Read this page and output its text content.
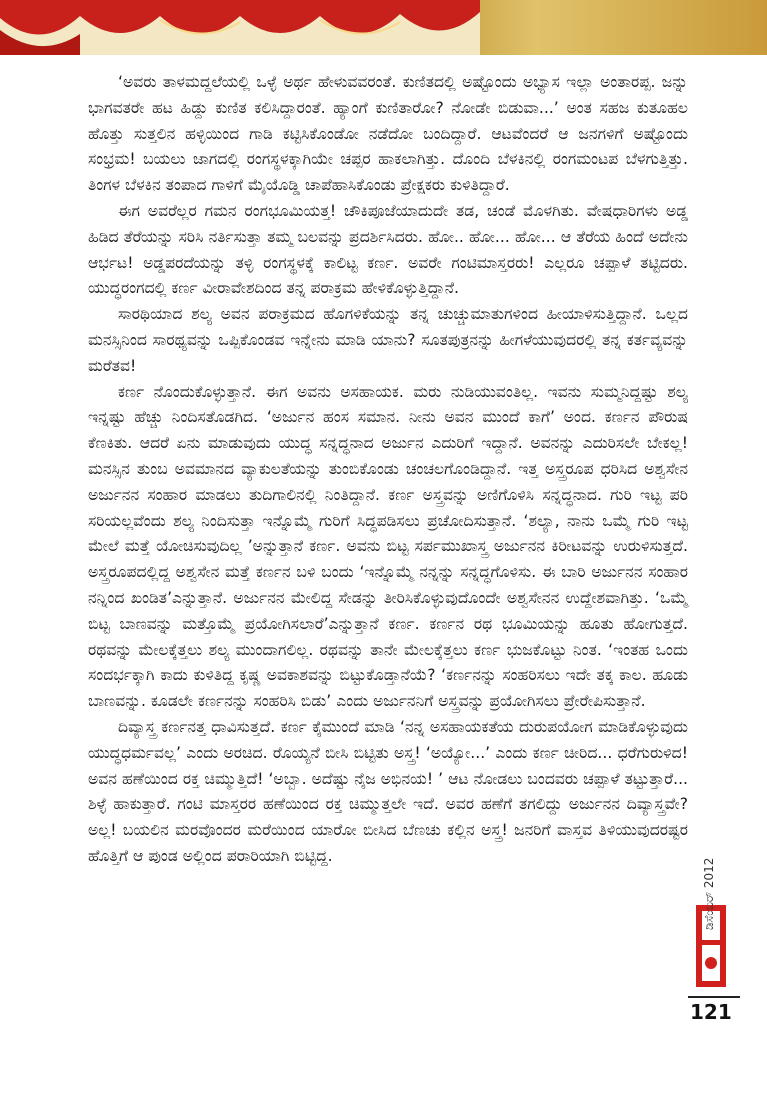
‘ಅವರು ತಾಳಮದ್ದಲೆಯಲ್ಲಿ ಒಳ್ಳೆ ಅರ್ಥ ಹೇಳುವವರಂತೆ. ಕುಣಿತದಲ್ಲಿ ಅಷ್ಟೊಂದು ಅಭ್ಯಾಸ ಇಲ್ಲಾ ಅಂತಾರಪ್ಪ. ಜನ್ನು ಭಾಗವತರೇ ಹಟ ಹಿಡ್ದು ಕುಣಿತ ಕಲಿಸಿದ್ದಾರಂತೆ. ಹ್ಯಾಂಗೆ ಕುಣಿತಾರೋ? ನೋಡೇ ಬಿಡುವಾ...’ ಅಂತ ಸಹಜ ಕುತೂಹಲ ಹೊತ್ತು ಸುತ್ತಲಿನ ಹಳ್ಳಿಯಿಂದ ಗಾಡಿ ಕಟ್ಟಿಸಿಕೊಂಡೋ ನಡೆದೋ ಬಂದಿದ್ದಾರೆ. ಆಟವೆಂದರೆ ಆ ಜನಗಳಿಗೆ ಅಷ್ಟೊಂದು ಸಂಭ್ರಮ! ಬಯಲು ಜಾಗದಲ್ಲಿ ರಂಗಸ್ಥಳಕ್ಕಾಗಿಯೇ ಚಪ್ಪರ ಹಾಕಲಾಗಿತ್ತು. ದೊಂದಿ ಬೆಳಕಿನಲ್ಲಿ ರಂಗಮಂಟಪ ಬೆಳಗುತ್ತಿತ್ತು. ತಿಂಗಳ ಬೆಳಕಿನ ತಂಪಾದ ಗಾಳಿಗೆ ಮೈಯೊಡ್ಡಿ ಚಾಪೆಹಾಸಿಕೊಂಡು ಪ್ರೇಕ್ಷಕರು ಕುಳಿತಿದ್ದಾರೆ.

ಈಗ ಅವರೆಲ್ಲರ ಗಮನ ರಂಗಭೂಮಿಯತ್ತ! ಚೌಕಿಪೂಜೆಯಾದುದೇ ತಡ, ಚಂಡೆ ಮೊಳಗಿತು. ವೇಷಧಾರಿಗಳು ಅಡ್ಡ ಹಿಡಿದ ತೆರೆಯನ್ನು ಸರಿಸಿ ನರ್ತಿಸುತ್ತಾ ತಮ್ಮ ಬಲವನ್ನು ಪ್ರದರ್ಶಿಸಿದರು. ಹೋ.. ಹೋ... ಹೋ... ಆ ತೆರೆಯ ಹಿಂದೆ ಅದೇನು ಆರ್ಭಟ! ಅಡ್ಡಪರದೆಯನ್ನು ತಳ್ಳಿ ರಂಗಸ್ಥಳಕ್ಕೆ ಕಾಲಿಟ್ಟ ಕರ್ಣ. ಅವರೇ ಗಂಟಿಮಾಸ್ತರರು! ಎಲ್ಲರೂ ಚಪ್ಪಾಳೆ ತಟ್ಟಿದರು. ಯುದ್ಧರಂಗದಲ್ಲಿ ಕರ್ಣ ವೀರಾವೇಶದಿಂದ ತನ್ನ ಪರಾಕ್ರಮ ಹೇಳಿಕೊಳ್ಳುತ್ತಿದ್ದಾನೆ.

ಸಾರಥಿಯಾದ ಶಲ್ಯ ಅವನ ಪರಾಕ್ರಮದ ಹೊಗಳಿಕೆಯನ್ನು ತನ್ನ ಚುಚ್ಚುಮಾತುಗಳಿಂದ ಹೀಯಾಳಿಸುತ್ತಿದ್ದಾನೆ. ಒಲ್ಲದ ಮನಸ್ಸಿನಿಂದ ಸಾರಥ್ಯವನ್ನು ಒಪ್ಪಿಕೊಂಡವ ಇನ್ನೇನು ಮಾಡಿ ಯಾನು? ಸೂತಪುತ್ರನನ್ನು ಹೀಗಳೆಯುವುದರಲ್ಲಿ ತನ್ನ ಕರ್ತವ್ಯವನ್ನು ಮರೆತವ!

ಕರ್ಣ ನೊಂದುಕೊಳ್ಳುತ್ತಾನೆ. ಈಗ ಅವನು ಅಸಹಾಯಕ. ಮರು ನುಡಿಯುವಂತಿಲ್ಲ. ಇವನು ಸುಮ್ಮನಿದ್ದಷ್ಟು ಶಲ್ಯ ಇನ್ನಷ್ಟು ಹೆಚ್ಚು ನಿಂದಿಸತೊಡಗಿದ. ‘ಅರ್ಜುನ ಹಂಸ ಸಮಾನ. ನೀನು ಅವನ ಮುಂದೆ ಕಾಗೆ’ ಅಂದ. ಕರ್ಣನ ಪೌರುಷ ಕೆಣಕಿತು. ಆದರೆ ಏನು ಮಾಡುವುದು ಯುದ್ಧ ಸನ್ನದ್ಧನಾದ ಅರ್ಜುನ ಎದುರಿಗೆ ಇದ್ದಾನೆ. ಅವನನ್ನು ಎದುರಿಸಲೇ ಬೇಕಲ್ಲ! ಮನಸ್ಸಿನ ತುಂಬ ಅವಮಾನದ ವ್ಯಾಕುಲತೆಯನ್ನು ತುಂಬಿಕೊಂಡು ಚಂಚಲಗೊಂಡಿದ್ದಾನೆ. ಇತ್ತ ಅಸ್ತ್ರರೂಪ ಧರಿಸಿದ ಅಶ್ವಸೇನ ಅರ್ಜುನನ ಸಂಹಾರ ಮಾಡಲು ತುದಿಗಾಲಿನಲ್ಲಿ ನಿಂತಿದ್ದಾನೆ. ಕರ್ಣ ಅಸ್ತ್ರವನ್ನು ಅಣಿಗೊಳಿಸಿ ಸನ್ನದ್ಧನಾದ. ಗುರಿ ಇಟ್ಟ ಪರಿ ಸರಿಯಲ್ಲವೆಂದು ಶಲ್ಯ ನಿಂದಿಸುತ್ತಾ ಇನ್ನೊಮ್ಮೆ ಗುರಿಗೆ ಸಿದ್ಧಪಡಿಸಲು ಪ್ರಚೋದಿಸುತ್ತಾನೆ. ‘ಶಲ್ಯಾ, ನಾನು ಒಮ್ಮೆ ಗುರಿ ಇಟ್ಟ ಮೇಲೆ ಮತ್ತೆ ಯೋಚಿಸುವುದಿಲ್ಲ ’ಅನ್ನುತ್ತಾನೆ ಕರ್ಣ. ಅವನು ಬಿಟ್ಟ ಸರ್ಪಮುಖಾಸ್ತ್ರ ಅರ್ಜುನನ ಕಿರೀಟವನ್ನು ಉರುಳಿಸುತ್ತದೆ. ಅಸ್ತ್ರರೂಪದಲ್ಲಿದ್ದ ಅಶ್ವಸೇನ ಮತ್ತೆ ಕರ್ಣನ ಬಳಿ ಬಂದು ‘ಇನ್ನೊಮ್ಮೆ ನನ್ನನ್ನು ಸನ್ನದ್ಧಗೊಳಿಸು. ಈ ಬಾರಿ ಅರ್ಜುನನ ಸಂಹಾರ ನನ್ನಿಂದ ಖಂಡಿತ’ಎನ್ನುತ್ತಾನೆ. ಅರ್ಜುನನ ಮೇಲಿದ್ದ ಸೇಡನ್ನು ತೀರಿಸಿಕೊಳ್ಳುವುದೊಂದೇ ಅಶ್ವಸೇನನ ಉದ್ದೇಶವಾಗಿತ್ತು. ‘ಒಮ್ಮೆ ಬಿಟ್ಟ ಬಾಣವನ್ನು ಮತ್ತೊಮ್ಮೆ ಪ್ರಯೋಗಿಸಲಾರೆ’ಎನ್ನುತ್ತಾನೆ ಕರ್ಣ. ಕರ್ಣನ ರಥ ಭೂಮಿಯನ್ನು ಹೂತು ಹೋಗುತ್ತದೆ. ರಥವನ್ನು ಮೇಲಕ್ಕೆತ್ತಲು ಶಲ್ಯ ಮುಂದಾಗಲಿಲ್ಲ. ರಥವನ್ನು ತಾನೇ ಮೇಲಕ್ಕೆತ್ತಲು ಕರ್ಣ ಭುಜಕೊಟ್ಟು ನಿಂತ. ‘ಇಂತಹ ಒಂದು ಸಂದರ್ಭಕ್ಕಾಗಿ ಕಾದು ಕುಳಿತಿದ್ದ ಕೃಷ್ಣ ಅವಕಾಶವನ್ನು ಬಿಟ್ಟುಕೊಡ್ತಾನೆಯೆ? ‘ಕರ್ಣನನ್ನು ಸಂಹರಿಸಲು ಇದೇ ತಕ್ಕ ಕಾಲ. ಹೂಡು ಬಾಣವನ್ನು. ಕೂಡಲೇ ಕರ್ಣನನ್ನು ಸಂಹರಿಸಿ ಬಿಡು’ ಎಂದು ಅರ್ಜುನನಿಗೆ ಅಸ್ತ್ರವನ್ನು ಪ್ರಯೋಗಿಸಲು ಪ್ರೇರೇಪಿಸುತ್ತಾನೆ.

ದಿವ್ಯಾಸ್ತ್ರ ಕರ್ಣನತ್ತ ಧಾವಿಸುತ್ತದೆ. ಕರ್ಣ ಕೈಮುಂದೆ ಮಾಡಿ ‘ನನ್ನ ಅಸಹಾಯಕತೆಯ ದುರುಪಯೋಗ ಮಾಡಿಕೊಳ್ಳುವುದು ಯುದ್ಧಧರ್ಮವಲ್ಲ’ ಎಂದು ಅರಚಿದ. ರೊಯ್ಯನೆ ಬೀಸಿ ಬಿಟ್ಟಿತು ಅಸ್ತ್ರ! ‘ಅಯ್ಯೋ...’ ಎಂದು ಕರ್ಣ ಚೀರಿದ... ಧರೆಗುರುಳಿದ! ಅವನ ಹಣೆಯಿಂದ ರಕ್ತ ಚಿಮ್ಮುತ್ತಿದೆ! ‘ಅಬ್ಬಾ. ಅದೆಷ್ಟು ನೈಜ ಅಭಿನಯ! ’ ಆಟ ನೋಡಲು ಬಂದವರು ಚಪ್ಪಾಳೆ ತಟ್ಟುತ್ತಾರೆ... ಶಿಳ್ಳೆ ಹಾಕುತ್ತಾರೆ. ಗಂಟಿ ಮಾಸ್ತರರ ಹಣೆಯಿಂದ ರಕ್ತ ಚಿಮ್ಮುತ್ತಲೇ ಇದೆ. ಅವರ ಹಣೆಗೆ ತಗಲಿದ್ದು ಅರ್ಜುನನ ದಿವ್ಯಾಸ್ತ್ರವೇ? ಅಲ್ಲ! ಬಯಲಿನ ಮರವೊಂದರ ಮರೆಯಿಂದ ಯಾರೋ ಬೀಸಿದ ಬೆಣಚು ಕಲ್ಲಿನ ಅಸ್ತ್ರ! ಜನರಿಗೆ ವಾಸ್ತವ ತಿಳಿಯುವುದರಷ್ಟರ ಹೊತ್ತಿಗೆ ಆ ಪುಂಡ ಅಲ್ಲಿಂದ ಪರಾರಿಯಾಗಿ ಬಿಟ್ಟಿದ್ದ.

ಡಿಸೆಂಬರ್ 2012
121
